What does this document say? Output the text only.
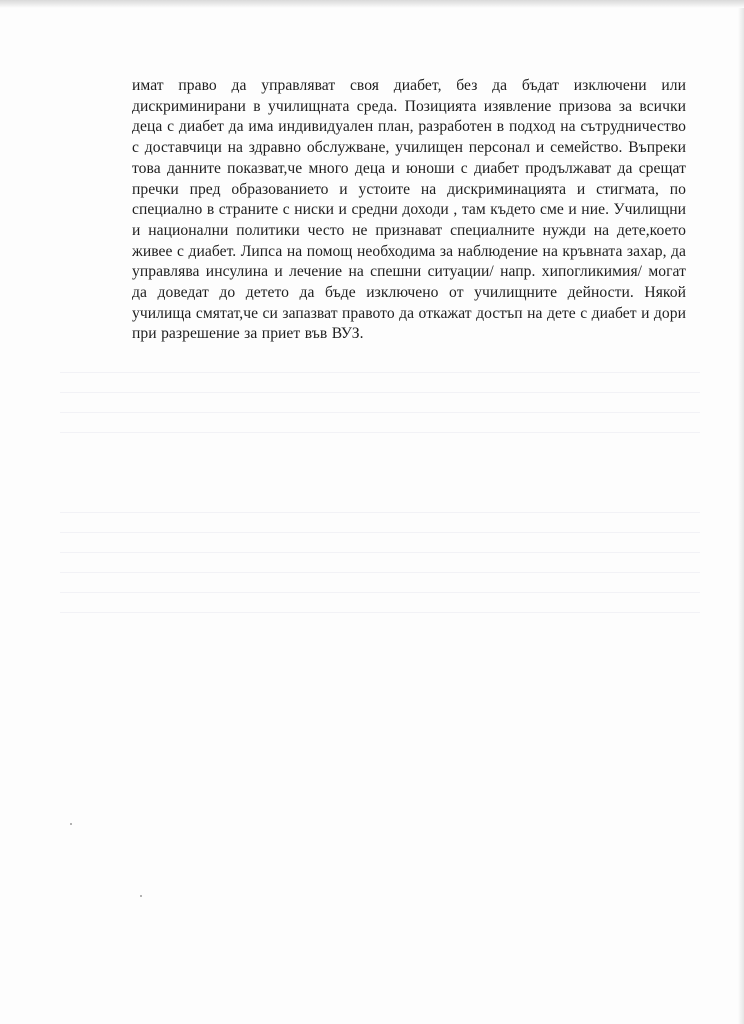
имат право да управляват своя диабет, без да бъдат изключени или дискриминирани в училищната среда. Позицията изявление призова за всички деца с диабет да има индивидуален план, разработен в подход на сътрудничество с доставчици на здравно обслужване, училищен персонал и семейство. Въпреки това данните показват,че много деца и юноши с диабет продължават да срещат пречки пред образованието и устоите на дискриминацията и стигмата, по специално в страните с ниски и средни доходи , там където сме и ние. Училищни и национални политики често не признават специалните нужди на дете,което живее с диабет. Липса на помощ необходима за наблюдение на кръвната захар, да управлява инсулина и лечение на спешни ситуации/ напр. хипогликимия/ могат да доведат до детето да бъде изключено от училищните дейности. Някой училища смятат,че си запазват правото да откажат достъп на дете с диабет и дори при разрешение за приет във ВУЗ.
